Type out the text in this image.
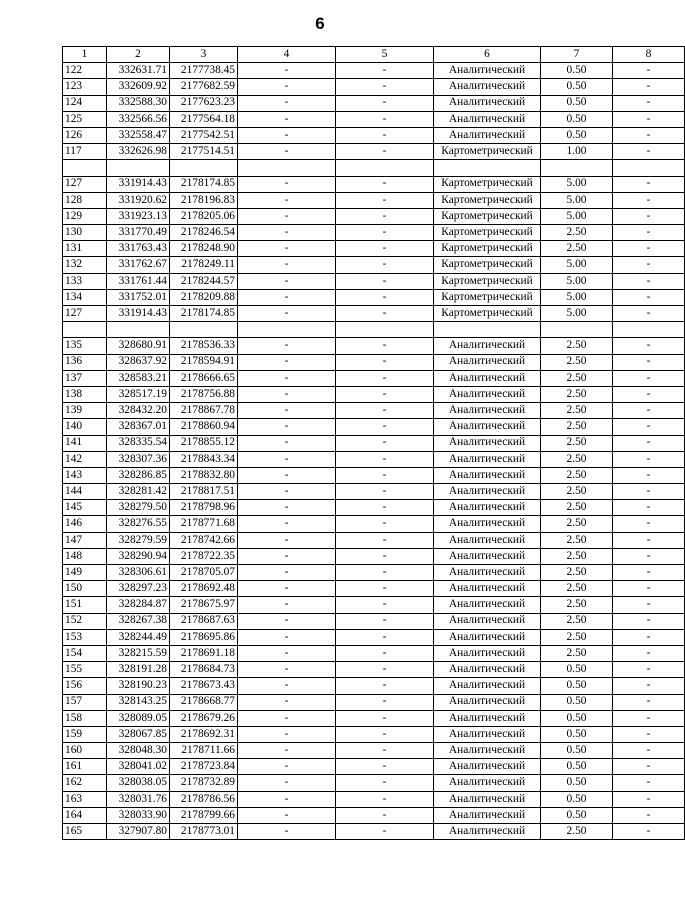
6
1	2	3	4	5	6	7	8
122	332631.71	2177738.45	-	-	Аналитический	0.50	-
123	332609.92	2177682.59	-	-	Аналитический	0.50	-
124	332588.30	2177623.23	-	-	Аналитический	0.50	-
125	332566.56	2177564.18	-	-	Аналитический	0.50	-
126	332558.47	2177542.51	-	-	Аналитический	0.50	-
117	332626.98	2177514.51	-	-	Картометрический	1.00	-

127	331914.43	2178174.85	-	-	Картометрический	5.00	-
128	331920.62	2178196.83	-	-	Картометрический	5.00	-
129	331923.13	2178205.06	-	-	Картометрический	5.00	-
130	331770.49	2178246.54	-	-	Картометрический	2.50	-
131	331763.43	2178248.90	-	-	Картометрический	2.50	-
132	331762.67	2178249.11	-	-	Картометрический	5.00	-
133	331761.44	2178244.57	-	-	Картометрический	5.00	-
134	331752.01	2178209.88	-	-	Картометрический	5.00	-
127	331914.43	2178174.85	-	-	Картометрический	5.00	-

135	328680.91	2178536.33	-	-	Аналитический	2.50	-
136	328637.92	2178594.91	-	-	Аналитический	2.50	-
137	328583.21	2178666.65	-	-	Аналитический	2.50	-
138	328517.19	2178756.88	-	-	Аналитический	2.50	-
139	328432.20	2178867.78	-	-	Аналитический	2.50	-
140	328367.01	2178860.94	-	-	Аналитический	2.50	-
141	328335.54	2178855.12	-	-	Аналитический	2.50	-
142	328307.36	2178843.34	-	-	Аналитический	2.50	-
143	328286.85	2178832.80	-	-	Аналитический	2.50	-
144	328281.42	2178817.51	-	-	Аналитический	2.50	-
145	328279.50	2178798.96	-	-	Аналитический	2.50	-
146	328276.55	2178771.68	-	-	Аналитический	2.50	-
147	328279.59	2178742.66	-	-	Аналитический	2.50	-
148	328290.94	2178722.35	-	-	Аналитический	2.50	-
149	328306.61	2178705.07	-	-	Аналитический	2.50	-
150	328297.23	2178692.48	-	-	Аналитический	2.50	-
151	328284.87	2178675.97	-	-	Аналитический	2.50	-
152	328267.38	2178687.63	-	-	Аналитический	2.50	-
153	328244.49	2178695.86	-	-	Аналитический	2.50	-
154	328215.59	2178691.18	-	-	Аналитический	2.50	-
155	328191.28	2178684.73	-	-	Аналитический	0.50	-
156	328190.23	2178673.43	-	-	Аналитический	0.50	-
157	328143.25	2178668.77	-	-	Аналитический	0.50	-
158	328089.05	2178679.26	-	-	Аналитический	0.50	-
159	328067.85	2178692.31	-	-	Аналитический	0.50	-
160	328048.30	2178711.66	-	-	Аналитический	0.50	-
161	328041.02	2178723.84	-	-	Аналитический	0.50	-
162	328038.05	2178732.89	-	-	Аналитический	0.50	-
163	328031.76	2178786.56	-	-	Аналитический	0.50	-
164	328033.90	2178799.66	-	-	Аналитический	0.50	-
165	327907.80	2178773.01	-	-	Аналитический	2.50	-
